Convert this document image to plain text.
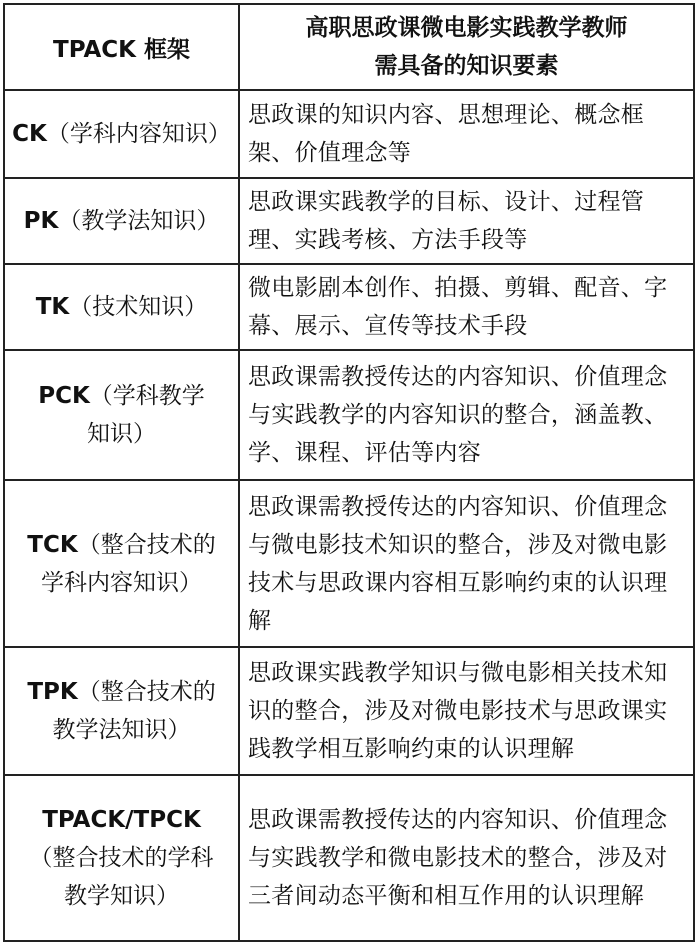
TPACK 框架	高职思政课微电影实践教学教师
需具备的知识要素

CK（学科内容知识）	思政课的知识内容、思想理论、概念框架、价值理念等
PK（教学法知识）	思政课实践教学的目标、设计、过程管理、实践考核、方法手段等
TK（技术知识）	微电影剧本创作、拍摄、剪辑、配音、字幕、展示、宣传等技术手段

PCK（学科教学
知识）	思政课需教授传达的内容知识、价值理念与实践教学的内容知识的整合，涵盖教、学、课程、评估等内容

TCK（整合技术的
学科内容知识）	思政课需教授传达的内容知识、价值理念与微电影技术知识的整合，涉及对微电影技术与思政课内容相互影响约束的认识理解

TPK（整合技术的
教学法知识）	思政课实践教学知识与微电影相关技术知识的整合，涉及对微电影技术与思政课实践教学相互影响约束的认识理解

TPACK/TPCK
（整合技术的学科
教学知识）	思政课需教授传达的内容知识、价值理念与实践教学和微电影技术的整合，涉及对三者间动态平衡和相互作用的认识理解
